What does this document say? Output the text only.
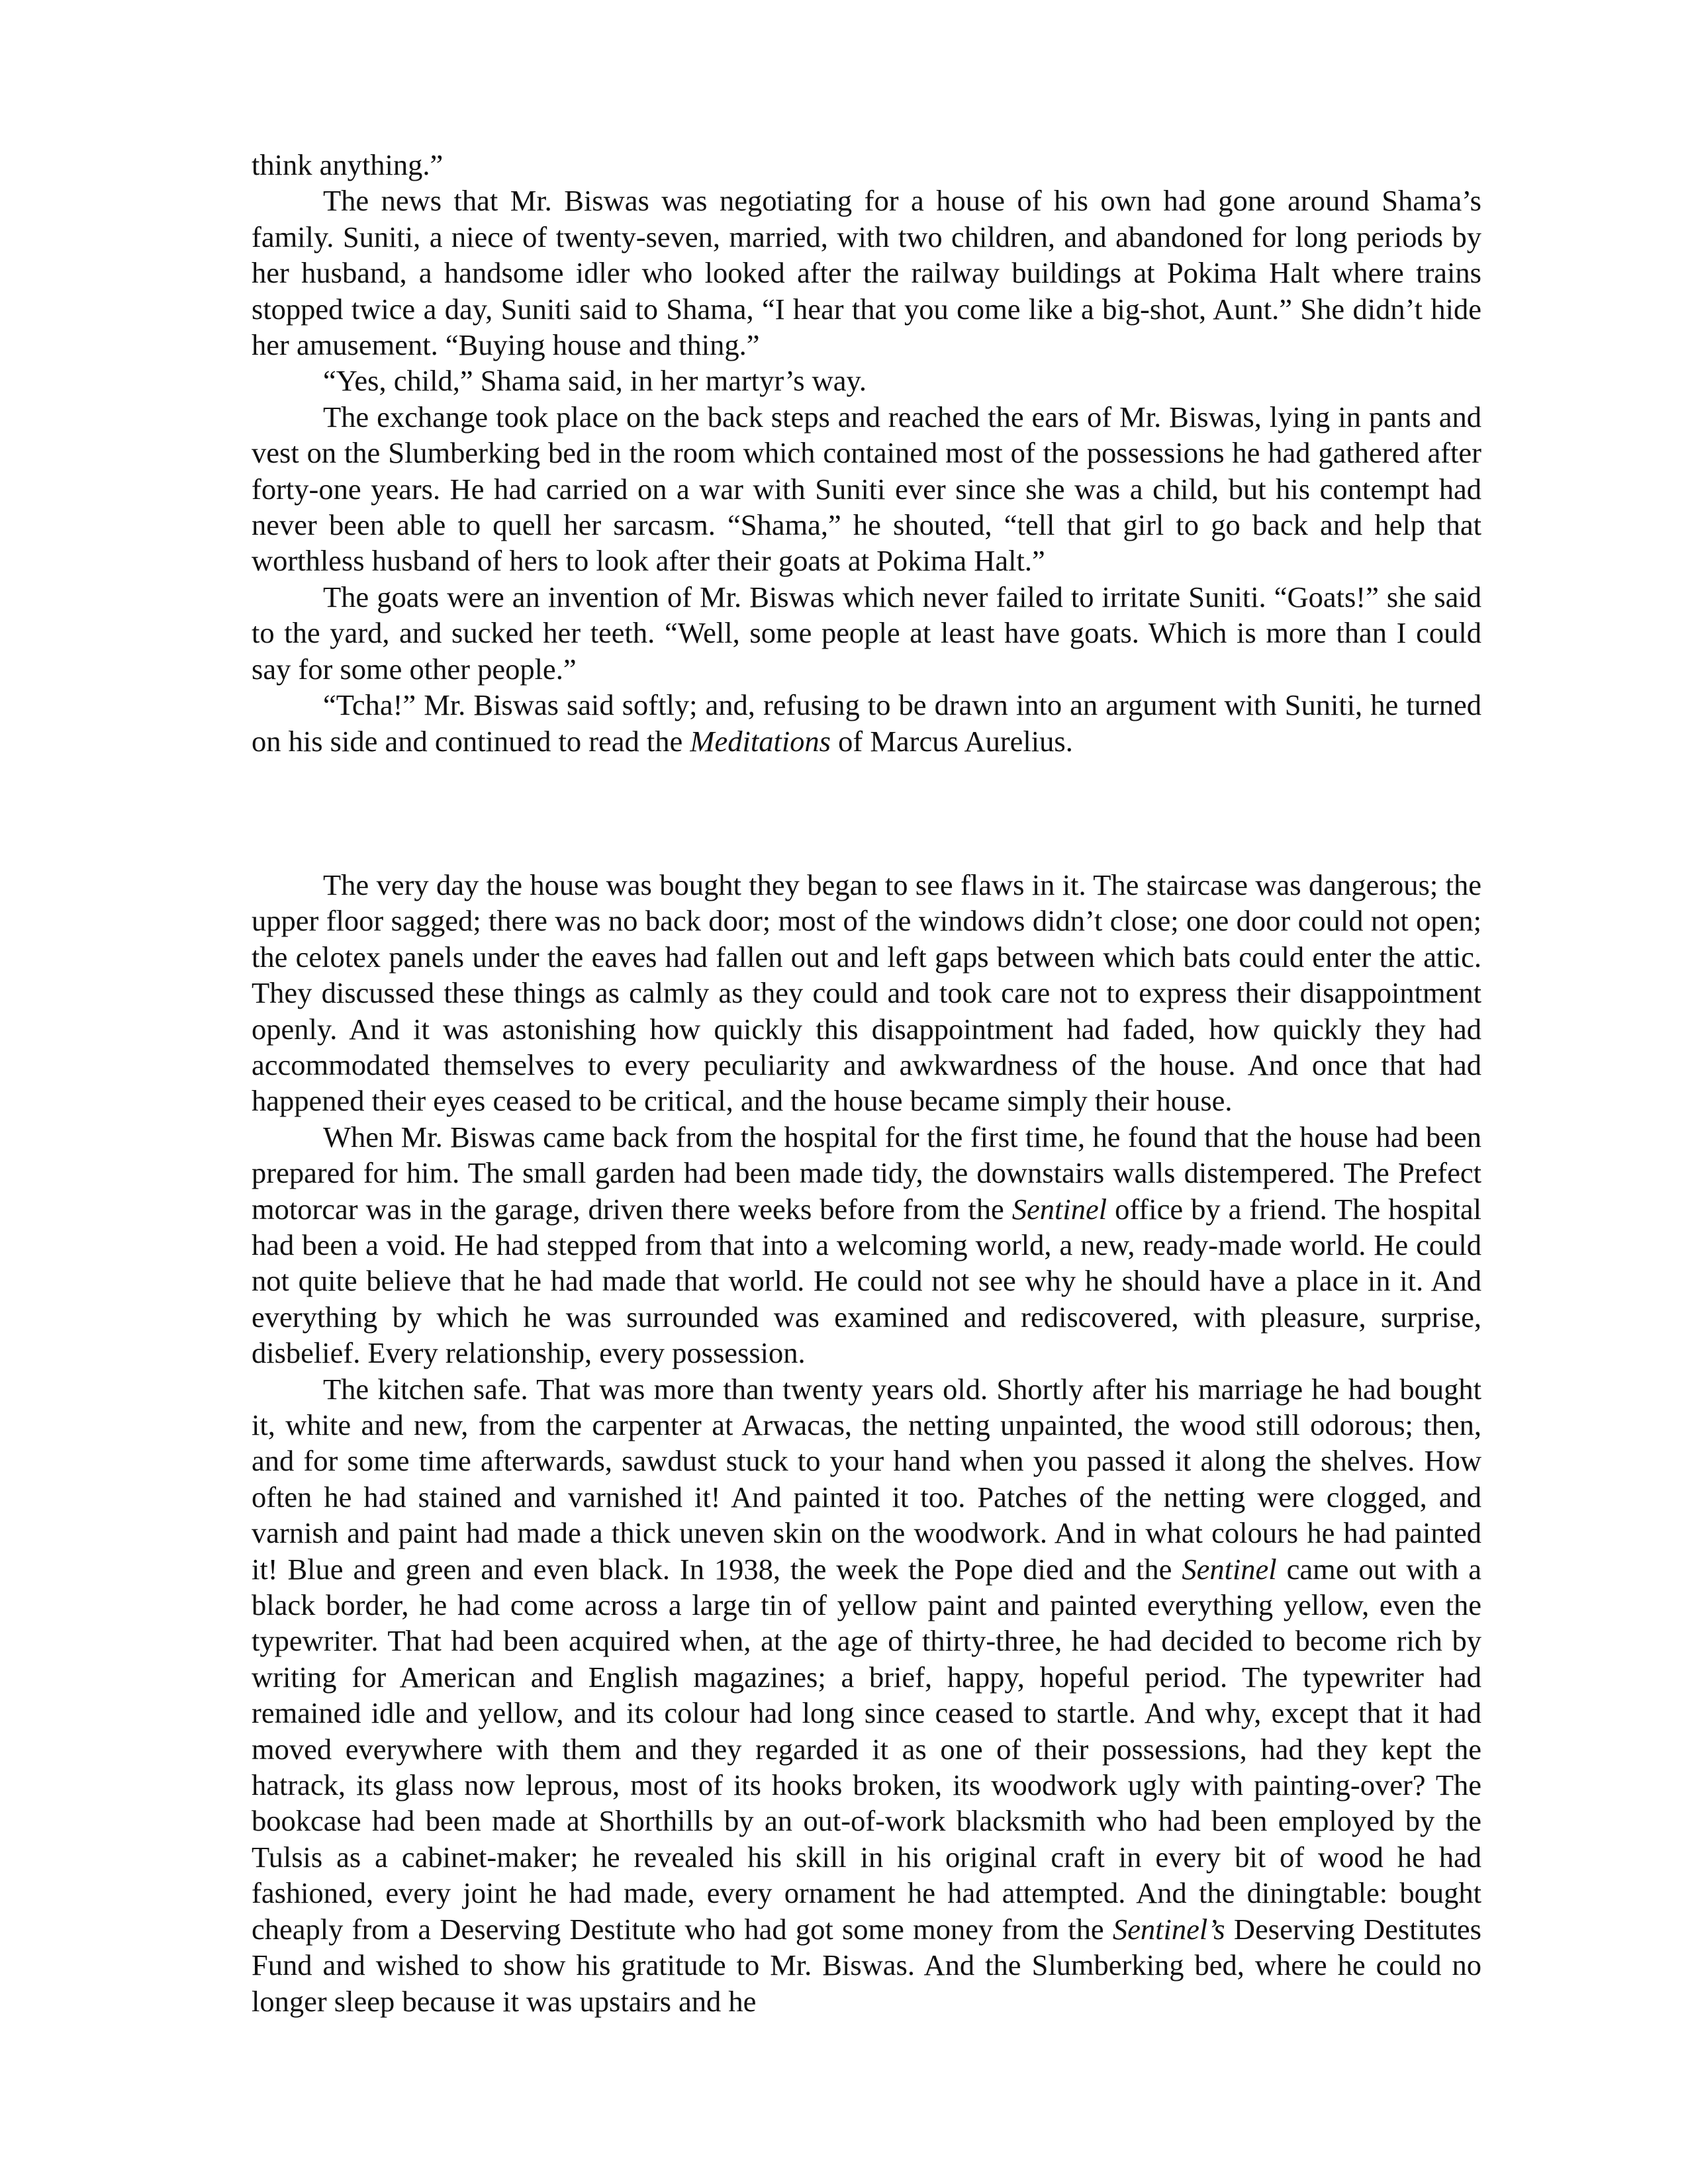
think anything.”

The news that Mr. Biswas was negotiating for a house of his own had gone around Shama’s family. Suniti, a niece of twenty-seven, married, with two children, and abandoned for long periods by her husband, a handsome idler who looked after the railway buildings at Pokima Halt where trains stopped twice a day, Suniti said to Shama, “I hear that you come like a big-shot, Aunt.” She didn’t hide her amusement. “Buying house and thing.”

“Yes, child,” Shama said, in her martyr’s way.

The exchange took place on the back steps and reached the ears of Mr. Biswas, lying in pants and vest on the Slumberking bed in the room which contained most of the possessions he had gathered after forty-one years. He had carried on a war with Suniti ever since she was a child, but his contempt had never been able to quell her sarcasm. “Shama,” he shouted, “tell that girl to go back and help that worthless husband of hers to look after their goats at Pokima Halt.”

The goats were an invention of Mr. Biswas which never failed to irritate Suniti. “Goats!” she said to the yard, and sucked her teeth. “Well, some people at least have goats. Which is more than I could say for some other people.”

“Tcha!” Mr. Biswas said softly; and, refusing to be drawn into an argument with Suniti, he turned on his side and continued to read the Meditations of Marcus Aurelius.

The very day the house was bought they began to see flaws in it. The staircase was dangerous; the upper floor sagged; there was no back door; most of the windows didn’t close; one door could not open; the celotex panels under the eaves had fallen out and left gaps between which bats could enter the attic. They discussed these things as calmly as they could and took care not to express their disappointment openly. And it was astonishing how quickly this disappointment had faded, how quickly they had accommodated themselves to every peculiarity and awkwardness of the house. And once that had happened their eyes ceased to be critical, and the house became simply their house.

When Mr. Biswas came back from the hospital for the first time, he found that the house had been prepared for him. The small garden had been made tidy, the downstairs walls distempered. The Prefect motorcar was in the garage, driven there weeks before from the Sentinel office by a friend. The hospital had been a void. He had stepped from that into a welcoming world, a new, ready-made world. He could not quite believe that he had made that world. He could not see why he should have a place in it. And everything by which he was surrounded was examined and rediscovered, with pleasure, surprise, disbelief. Every relationship, every possession.

The kitchen safe. That was more than twenty years old. Shortly after his marriage he had bought it, white and new, from the carpenter at Arwacas, the netting unpainted, the wood still odorous; then, and for some time afterwards, sawdust stuck to your hand when you passed it along the shelves. How often he had stained and varnished it! And painted it too. Patches of the netting were clogged, and varnish and paint had made a thick uneven skin on the woodwork. And in what colours he had painted it! Blue and green and even black. In 1938, the week the Pope died and the Sentinel came out with a black border, he had come across a large tin of yellow paint and painted everything yellow, even the typewriter. That had been acquired when, at the age of thirty-three, he had decided to become rich by writing for American and English magazines; a brief, happy, hopeful period. The typewriter had remained idle and yellow, and its colour had long since ceased to startle. And why, except that it had moved everywhere with them and they regarded it as one of their possessions, had they kept the hatrack, its glass now leprous, most of its hooks broken, its woodwork ugly with painting-over? The bookcase had been made at Shorthills by an out-of-work blacksmith who had been employed by the Tulsis as a cabinet-maker; he revealed his skill in his original craft in every bit of wood he had fashioned, every joint he had made, every ornament he had attempted. And the diningtable: bought cheaply from a Deserving Destitute who had got some money from the Sentinel’s Deserving Destitutes Fund and wished to show his gratitude to Mr. Biswas. And the Slumberking bed, where he could no longer sleep because it was upstairs and he
